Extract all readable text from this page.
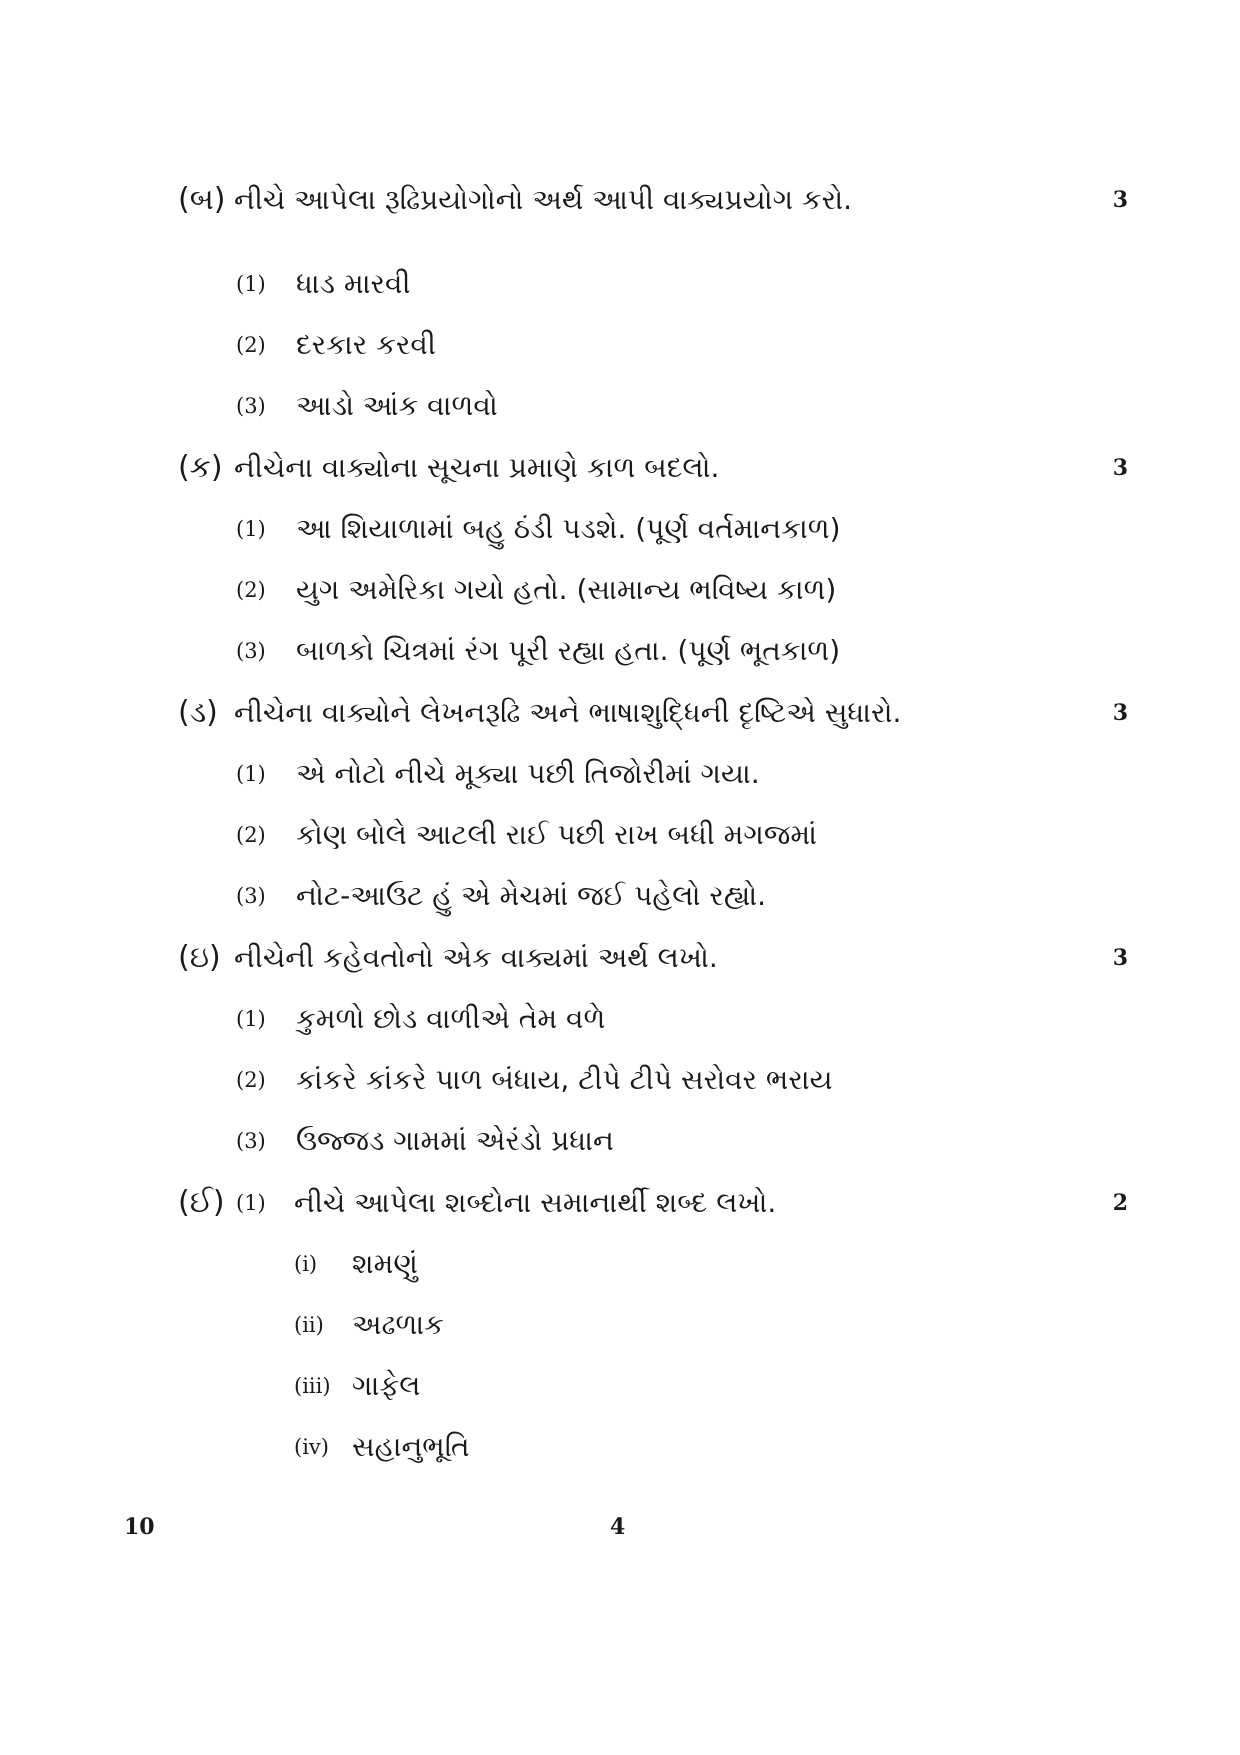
(બ) નીચે આપેલા રૂઢિપ્રયોગોનો અર્થ આપી વાક્યપ્રયોગ કરો.	3
(1)	ધાડ મારવી
(2)	દરકાર કરવી
(3)	આડો આંક વાળવો
(ક) નીચેના વાક્યોના સૂચના પ્રમાણે કાળ બદલો.	3
(1)	આ શિયાળામાં બહુ ઠંડી પડશે. (પૂર્ણ વર્તમાનકાળ)
(2)	યુગ અમેરિકા ગયો હતો. (સામાન્ય ભવિષ્ય કાળ)
(3)	બાળકો ચિત્રમાં રંગ પૂરી રહ્યા હતા. (પૂર્ણ ભૂતકાળ)
(ડ) નીચેના વાક્યોને લેખનરૂઢિ અને ભાષાશુદ્ધિની દૃષ્ટિએ સુધારો.	3
(1)	એ નોટો નીચે મૂક્યા પછી તિજોરીમાં ગયા.
(2)	કોણ બોલે આટલી રાઈ પછી રાખ બધી મગજમાં
(3)	નોટ-આઉટ હું એ મેચમાં જઈ પહેલો રહ્યો.
(ઇ) નીચેની કહેવતોનો એક વાક્યમાં અર્થ લખો.	3
(1)	કુમળો છોડ વાળીએ તેમ વળે
(2)	કાંકરે કાંકરે પાળ બંધાય, ટીપે ટીપે સરોવર ભરાય
(3)	ઉજ્જડ ગામમાં એરંડો પ્રધાન
(ઈ) (1) નીચે આપેલા શબ્દોના સમાનાર્થી શબ્દ લખો.	2
(i)	શમણું
(ii)	અઢળાક
(iii) ગાફેલ
(iv) સહાનુભૂતિ
10	4
